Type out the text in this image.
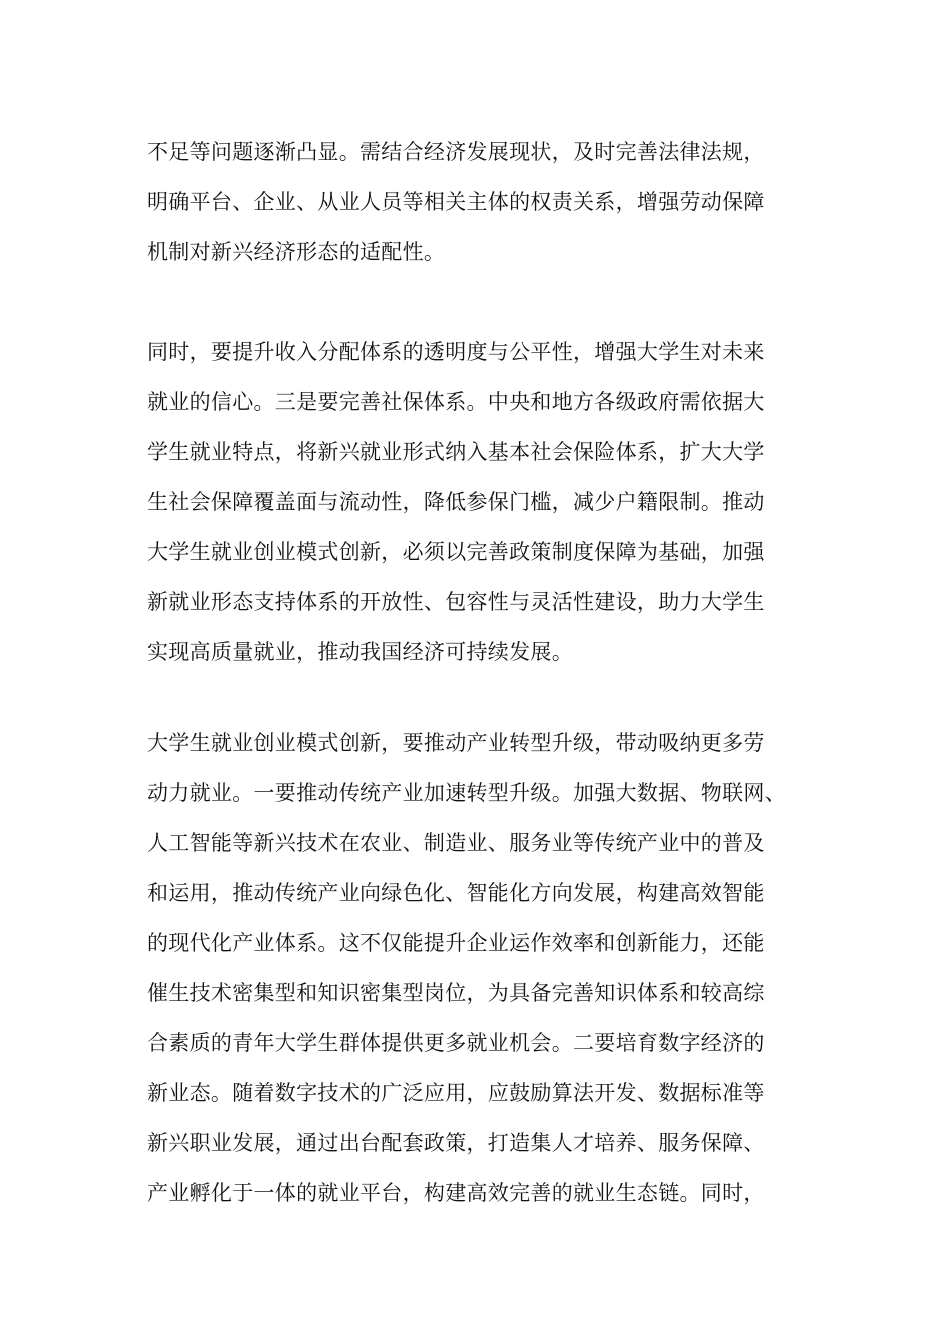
不足等问题逐渐凸显。需结合经济发展现状，及时完善法律法规，
明确平台、企业、从业人员等相关主体的权责关系，增强劳动保障
机制对新兴经济形态的适配性。
同时，要提升收入分配体系的透明度与公平性，增强大学生对未来
就业的信心。三是要完善社保体系。中央和地方各级政府需依据大
学生就业特点，将新兴就业形式纳入基本社会保险体系，扩大大学
生社会保障覆盖面与流动性，降低参保门槛，减少户籍限制。推动
大学生就业创业模式创新，必须以完善政策制度保障为基础，加强
新就业形态支持体系的开放性、包容性与灵活性建设，助力大学生
实现高质量就业，推动我国经济可持续发展。
大学生就业创业模式创新，要推动产业转型升级，带动吸纳更多劳
动力就业。一要推动传统产业加速转型升级。加强大数据、物联网、
人工智能等新兴技术在农业、制造业、服务业等传统产业中的普及
和运用，推动传统产业向绿色化、智能化方向发展，构建高效智能
的现代化产业体系。这不仅能提升企业运作效率和创新能力，还能
催生技术密集型和知识密集型岗位，为具备完善知识体系和较高综
合素质的青年大学生群体提供更多就业机会。二要培育数字经济的
新业态。随着数字技术的广泛应用，应鼓励算法开发、数据标准等
新兴职业发展，通过出台配套政策，打造集人才培养、服务保障、
产业孵化于一体的就业平台，构建高效完善的就业生态链。同时，
